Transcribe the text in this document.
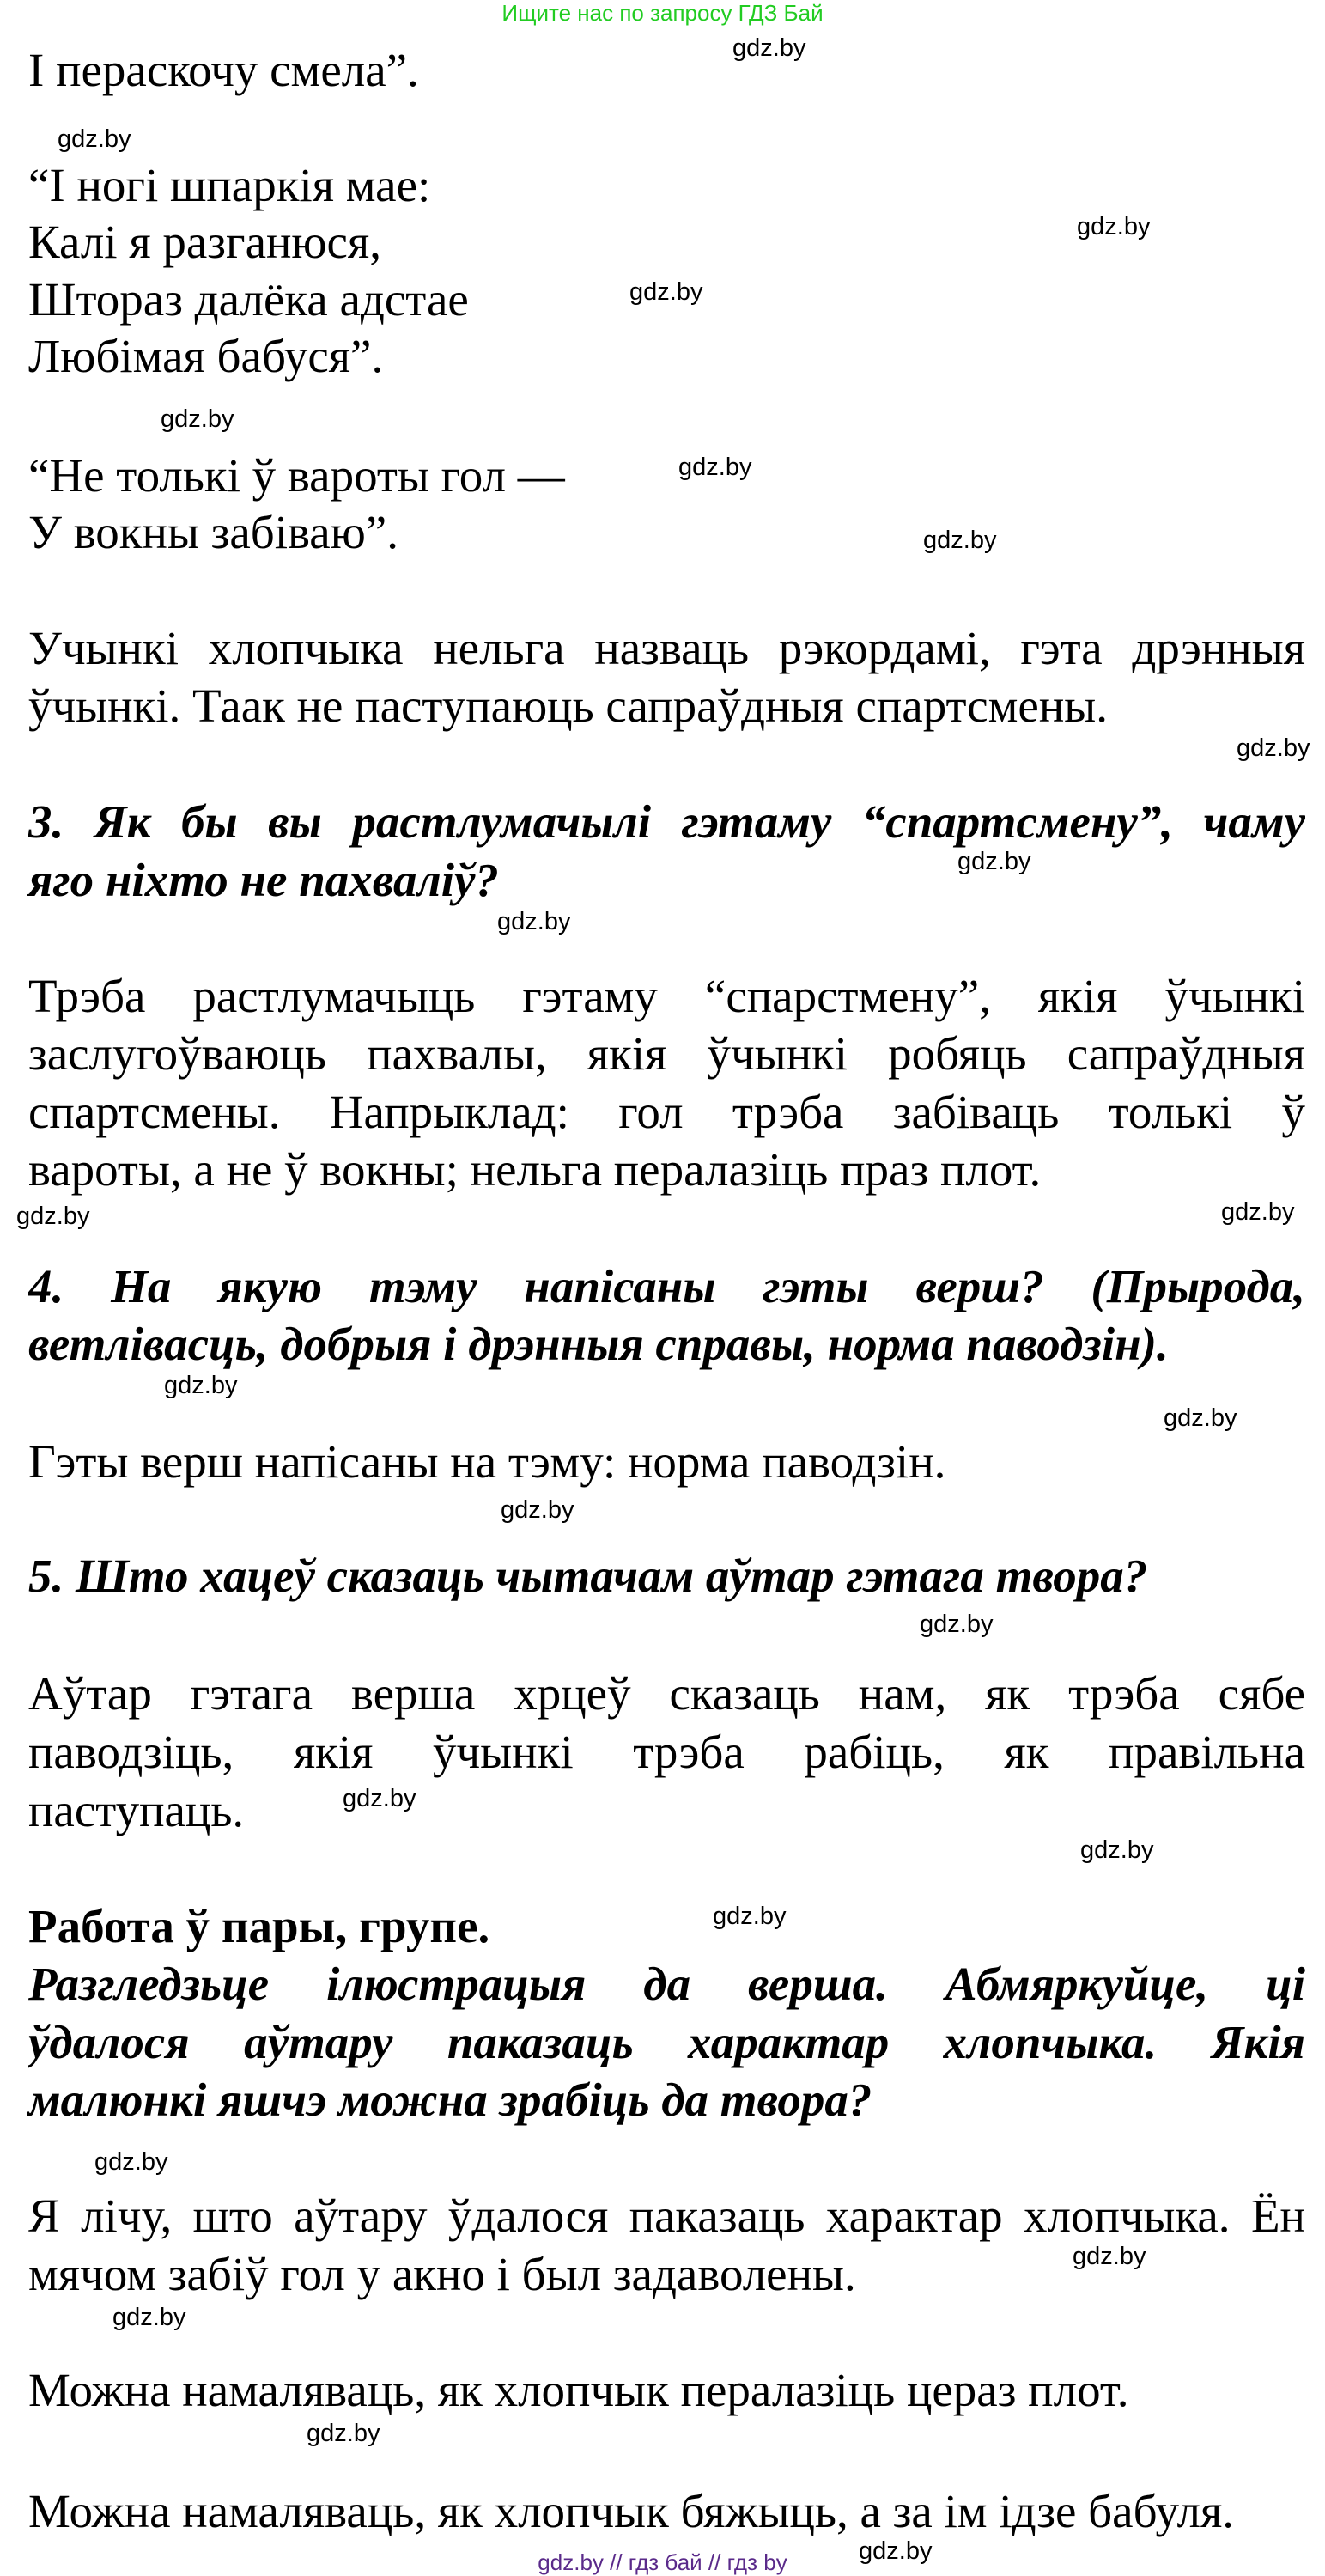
Ищите нас по запросу ГДЗ Бай
І пераскочу смела”.
“І ногі шпаркія мае:
Калі я разганюся,
Шторaз далёка адстае
Любімая бабуся”.
“Не толькі ў вароты гол —
У вокны забіваю”.
Учынкі хлопчыка нельга назваць рэкордамі, гэта дрэнныя
ўчынкі. Таак не паступаюць сапраўдныя спартсмены.
3. Як бы вы растлумачылі гэтаму “спартсмену”, чаму
яго ніхто не пахваліў?
Трэба растлумачыць гэтаму “спарстмену”, якія ўчынкі
заслугоўваюць пахвалы, якія ўчынкі робяць сапраўдныя
спартсмены. Напрыклад: гол трэба забіваць толькі ў
вароты, а не ў вокны; нельга пералазіць праз плот.
4. На якую тэму напісаны гэты верш? (Прырода,
ветлівасць, добрыя і дрэнныя справы, норма паводзін).
Гэты верш напісаны на тэму: норма паводзін.
5. Што хацеў сказаць чытачам аўтар гэтага твора?
Аўтар гэтага верша хрцеў сказаць нам, як трэба сябе
паводзіць, якія ўчынкі трэба рабіць, як правільна
паступаць.
Работа ў пары, групе.
Разгледзьце ілюстрацыя да верша. Абмяркуйце, ці
ўдалося аўтару паказаць характар хлопчыка. Якія
малюнкі яшчэ можна зрабіць да твора?
Я лічу, што аўтару ўдалося паказаць характар хлопчыка. Ён
мячом забіў гол у акно і был задаволены.
Можна намаляваць, як хлопчык пералазіць цераз плот.
Можна намаляваць, як хлопчык бяжыць, а за ім ідзе бабуля.
gdz.by
gdz.by
gdz.by
gdz.by
gdz.by
gdz.by
gdz.by
gdz.by
gdz.by
gdz.by
gdz.by
gdz.by
gdz.by
gdz.by
gdz.by
gdz.by
gdz.by
gdz.by
gdz.by
gdz.by
gdz.by
gdz.by
gdz.by
gdz.by
gdz.by // гдз бай // гдз by
